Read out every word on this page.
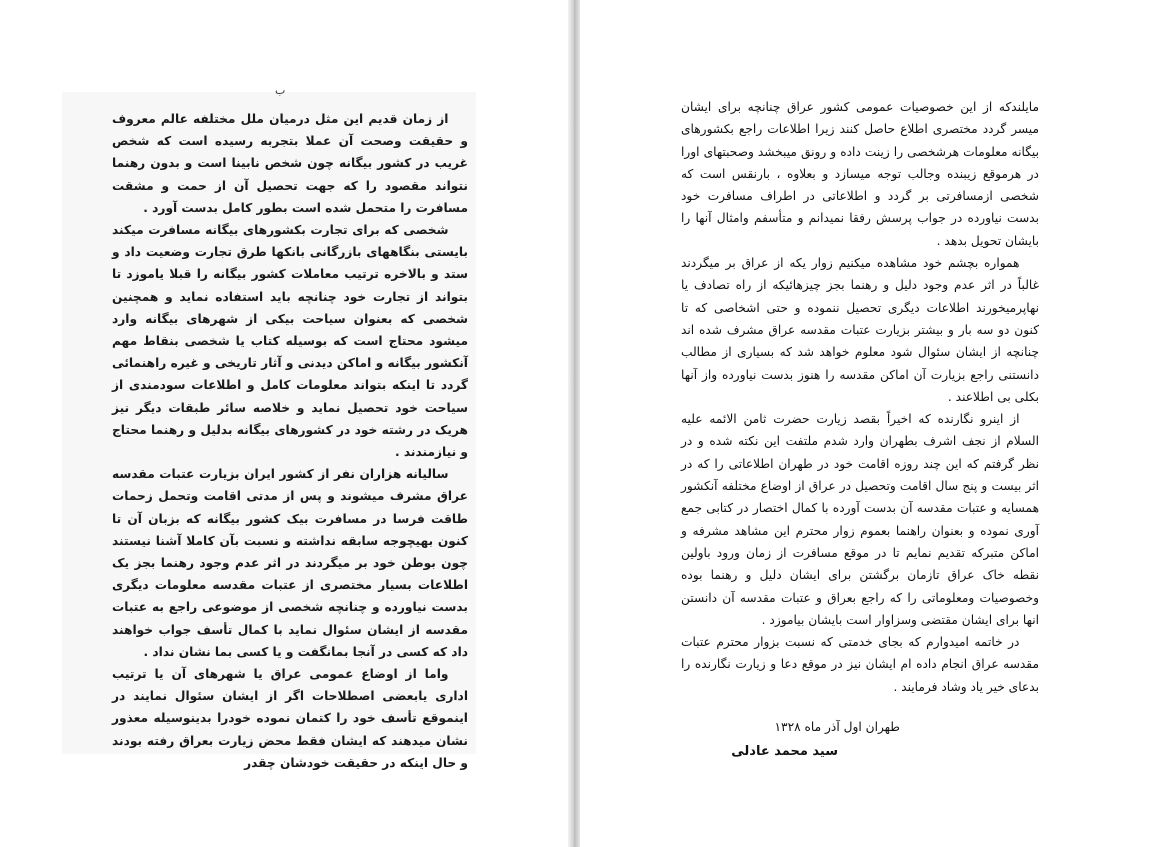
ب

از زمان قدیم این مثل درمیان ملل مختلفه عالم معروف و حقیقت وصحت آن عملا بتجربه رسیده است که شخص غریب در کشور بیگانه چون شخص نابینا است و بدون رهنما نتواند مقصود را که جهت تحصیل آن از حمت و مشقت مسافرت را متحمل شده است بطور کامل بدست آورد .

شخصی که برای تجارت بکشورهای بیگانه مسافرت میکند بایستی بنگاههای بازرگانی بانکها طرق تجارت وضعیت داد و ستد و بالاخره ترتیب معاملات کشور بیگانه را قبلا یاموزد تا بتواند از تجارت خود چنانچه باید استفاده نماید و همچنین شخصی که بعنوان سیاحت بیکی از شهرهای بیگانه وارد میشود محتاج است که بوسیله کتاب یا شخصی بنقاط مهم آنکشور بیگانه و اماکن دیدنی و آثار تاریخی و غیره راهنمائی گردد تا اینکه بتواند معلومات کامل و اطلاعات سودمندی از سیاحت خود تحصیل نماید و خلاصه سائر طبقات دیگر نیز هریک در رشته خود در کشورهای بیگانه بدلیل و رهنما محتاج و نیازمندند .

سالیانه هزاران نفر از کشور ایران بزیارت عتبات مقدسه عراق مشرف میشوند و پس از مدتی اقامت وتحمل زحمات طاقت فرسا در مسافرت بیک کشور بیگانه که بزبان آن تا کنون بهیچوجه سابقه نداشته و نسبت بآن کاملا آشنا نیستند چون بوطن خود بر میگردند در اثر عدم وجود رهنما بجز یک اطلاعات بسیار مختصری از عتبات مقدسه معلومات دیگری بدست نیاورده و چنانچه شخصی از موضوعی راجع به عتبات مقدسه از ایشان سئوال نماید با کمال تأسف جواب خواهند داد که کسی در آنجا بمانگفت و یا کسی بما نشان نداد .

واما از اوضاع عمومی عراق یا شهرهای آن یا ترتیب اداری یابعضی اصطلاحات اگر از ایشان سئوال نمایند در اینموقع تأسف خود را کتمان نموده خودرا بدینوسیله معذور نشان میدهند که ایشان فقط محض زیارت بعراق رفته بودند و حال اینکه در حقیقت خودشان چقدر

مایلندکه از این خصوصیات عمومی کشور عراق چنانچه برای ایشان میسر گردد مختصری اطلاع حاصل کنند زیرا اطلاعات راجع بکشورهای بیگانه معلومات هرشخصی را زینت داده و رونق میبخشد وصحبتهای اورا در هرموقع زیبنده وجالب توجه میسازد و بعلاوه ، بارنقس است که شخصی ازمسافرتی بر گردد و اطلاعاتی در اطراف مسافرت خود بدست نیاورده در جواب پرسش رفقا نمیدانم و متأسفم وامثال آنها را بایشان تحویل بدهد .

همواره بچشم خود مشاهده میکنیم زوار یکه از عراق بر میگردند غالباً در اثر عدم وجود دلیل و رهنما بجز چیزهائیکه از راه تصادف یا نهاپرمیخورند اطلاعات دیگری تحصیل ننموده و حتی اشخاصی که تا کنون دو سه بار و بیشتر بزیارت عتبات مقدسه عراق مشرف شده اند چنانچه از ایشان سئوال شود معلوم خواهد شد که بسیاری از مطالب دانستنی راجع بزیارت آن اماکن مقدسه را هنوز بدست نیاورده واز آنها بکلی بی اطلاعند .

از اینرو نگارنده که اخیراً بقصد زیارت حضرت ثامن الائمه علیه السلام از نجف اشرف بطهران وارد شدم ملتفت این نکته شده و در نظر گرفتم که این چند روزه اقامت خود در طهران اطلاعاتی را که در اثر بیست و پنج سال اقامت وتحصیل در عراق از اوضاع مختلفه آنکشور همسایه و عتبات مقدسه آن بدست آورده با کمال اختصار در کتابی جمع آوری نموده و بعنوان راهنما بعموم زوار محترم این مشاهد مشرفه و اماکن متبرکه تقدیم نمایم تا در موقع مسافرت از زمان ورود باولین نقطه خاک عراق تازمان برگشتن برای ایشان دلیل و رهنما بوده وخصوصیات ومعلوماتی را که راجع بعراق و عتبات مقدسه آن دانستن انها برای ایشان مقتضی وسزاوار است بایشان بیاموزد .

در خاتمه امیدوارم که بجای خدمتی که نسبت بزوار محترم عتبات مقدسه عراق انجام داده ام ایشان نیز در موقع دعا و زیارت نگارنده را بدعای خیر یاد وشاد فرمایند .

طهران اول آذر ماه ۱۳۲۸
سید محمد عادلی
